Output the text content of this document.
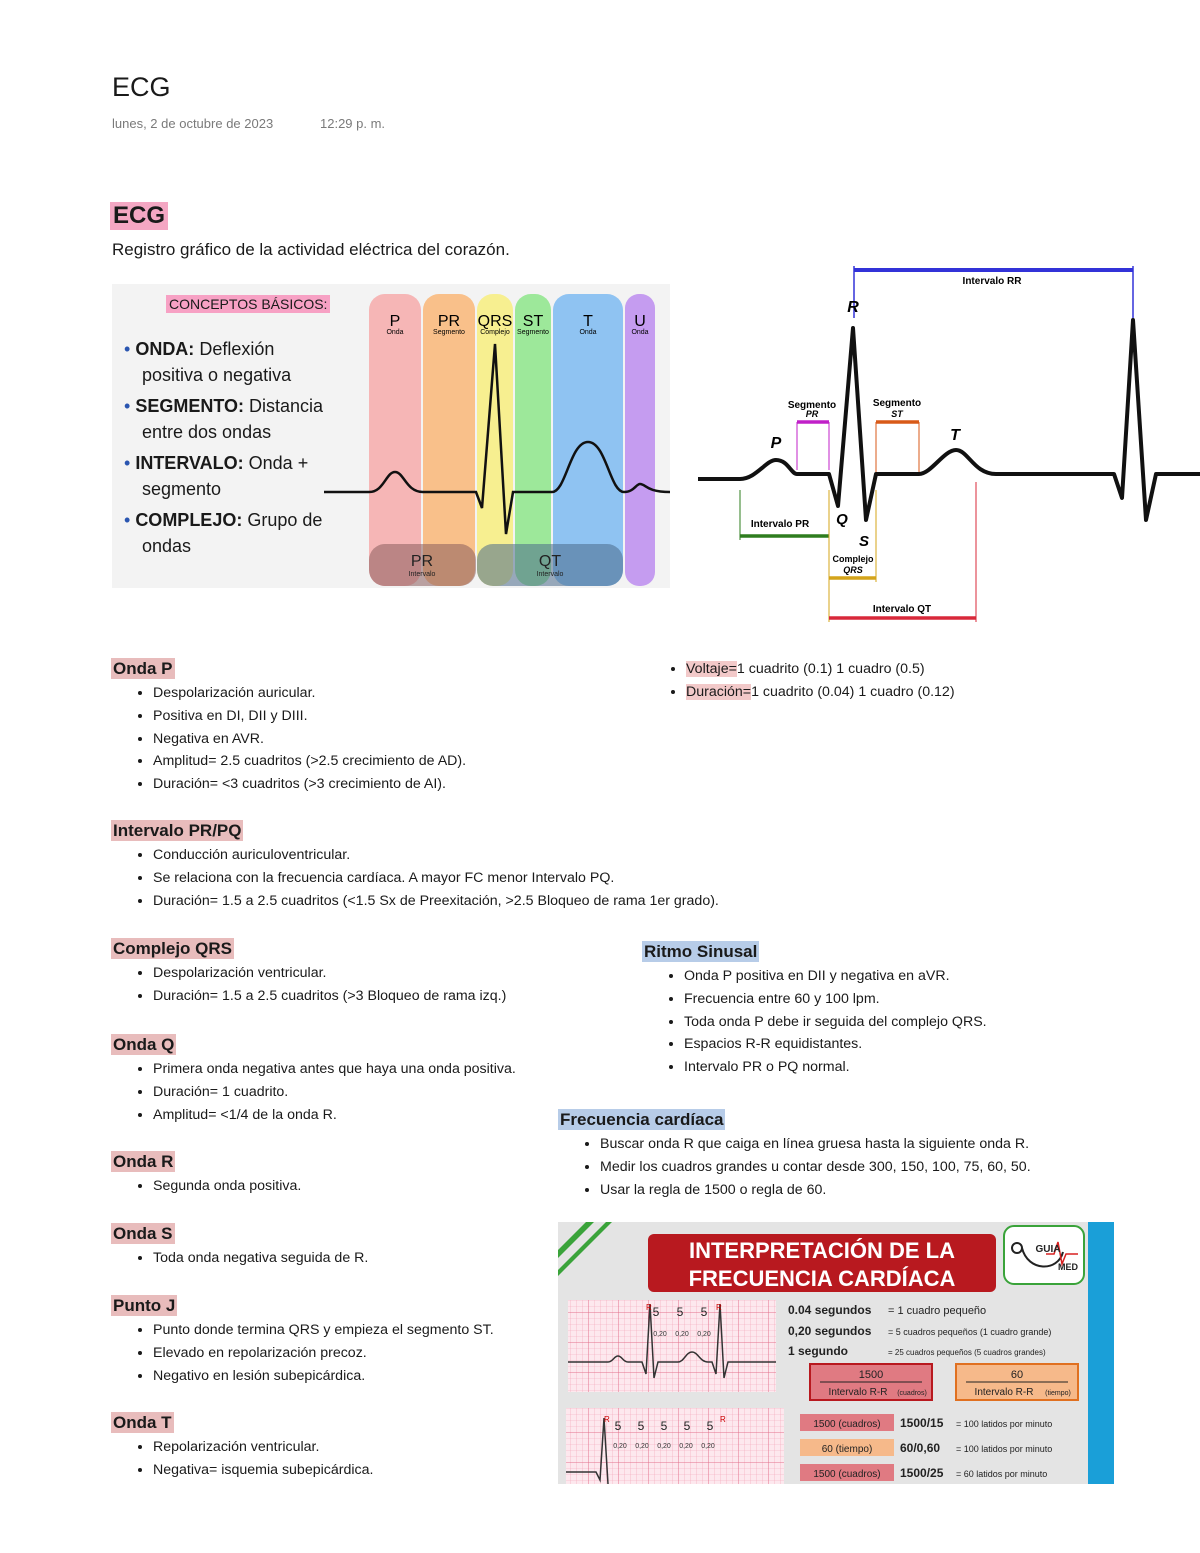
ECG
lunes, 2 de octubre de 2023	12:29 p. m.
ECG
Registro gráfico de la actividad eléctrica del corazón.
CONCEPTOS BÁSICOS:
• ONDA: Deflexión
positiva o negativa
• SEGMENTO: Distancia
entre dos ondas
• INTERVALO: Onda +
segmento
• COMPLEJO: Grupo de
ondas
P
Onda
PR
Segmento
QRS
Complejo
ST
Segmento
T
Onda
U
Onda
PR
Intervalo
QT
Intervalo
Intervalo RR
R
P
Q
S
T
Segmento
PR
Segmento
ST
Intervalo PR
Complejo
QRS
Intervalo QT
• Voltaje=1 cuadrito (0.1) 1 cuadro (0.5)
• Duración=1 cuadrito (0.04) 1 cuadro (0.12)
Onda P
• Despolarización auricular.
• Positiva en DI, DII y DIII.
• Negativa en AVR.
• Amplitud= 2.5 cuadritos (>2.5 crecimiento de AD).
• Duración= <3 cuadritos (>3 crecimiento de AI).
Intervalo PR/PQ
• Conducción auriculoventricular.
• Se relaciona con la frecuencia cardíaca. A mayor FC menor Intervalo PQ.
• Duración= 1.5 a 2.5 cuadritos (<1.5 Sx de Preexitación, >2.5 Bloqueo de rama 1er grado).
Complejo QRS
• Despolarización ventricular.
• Duración= 1.5 a 2.5 cuadritos (>3 Bloqueo de rama izq.)
Onda Q
• Primera onda negativa antes que haya una onda positiva.
• Duración= 1 cuadrito.
• Amplitud= <1/4 de la onda R.
Onda R
• Segunda onda positiva.
Onda S
• Toda onda negativa seguida de R.
Punto J
• Punto donde termina QRS y empieza el segmento ST.
• Elevado en repolarización precoz.
• Negativo en lesión subepicárdica.
Onda T
• Repolarización ventricular.
• Negativa= isquemia subepicárdica.
Ritmo Sinusal
• Onda P positiva en DII y negativa en aVR.
• Frecuencia entre 60 y 100 lpm.
• Toda onda P debe ir seguida del complejo QRS.
• Espacios R-R equidistantes.
• Intervalo PR o PQ normal.
Frecuencia cardíaca
• Buscar onda R que caiga en línea gruesa hasta la siguiente onda R.
• Medir los cuadros grandes u contar desde 300, 150, 100, 75, 60, 50.
• Usar la regla de 1500 o regla de 60.
INTERPRETACIÓN DE LA
FRECUENCIA CARDÍACA
GUIA
MED
R 5 5 5 R
0,20 0,20 0,20
R 5 5 5 5 5 R
0,20 0,20 0,20 0,20 0,20
0.04 segundos = 1 cuadro pequeño
0,20 segundos = 5 cuadros pequeños (1 cuadro grande)
1 segundo	= 25 cuadros pequeños (5 cuadros grandes)
1500
Intervalo R-R (cuadros)
60
Intervalo R-R (tiempo)
1500 (cuadros) 1500/15 = 100 latidos por minuto
60 (tiempo) 60/0,60 = 100 latidos por minuto
1500 (cuadros) 1500/25 = 60 latidos por minuto
